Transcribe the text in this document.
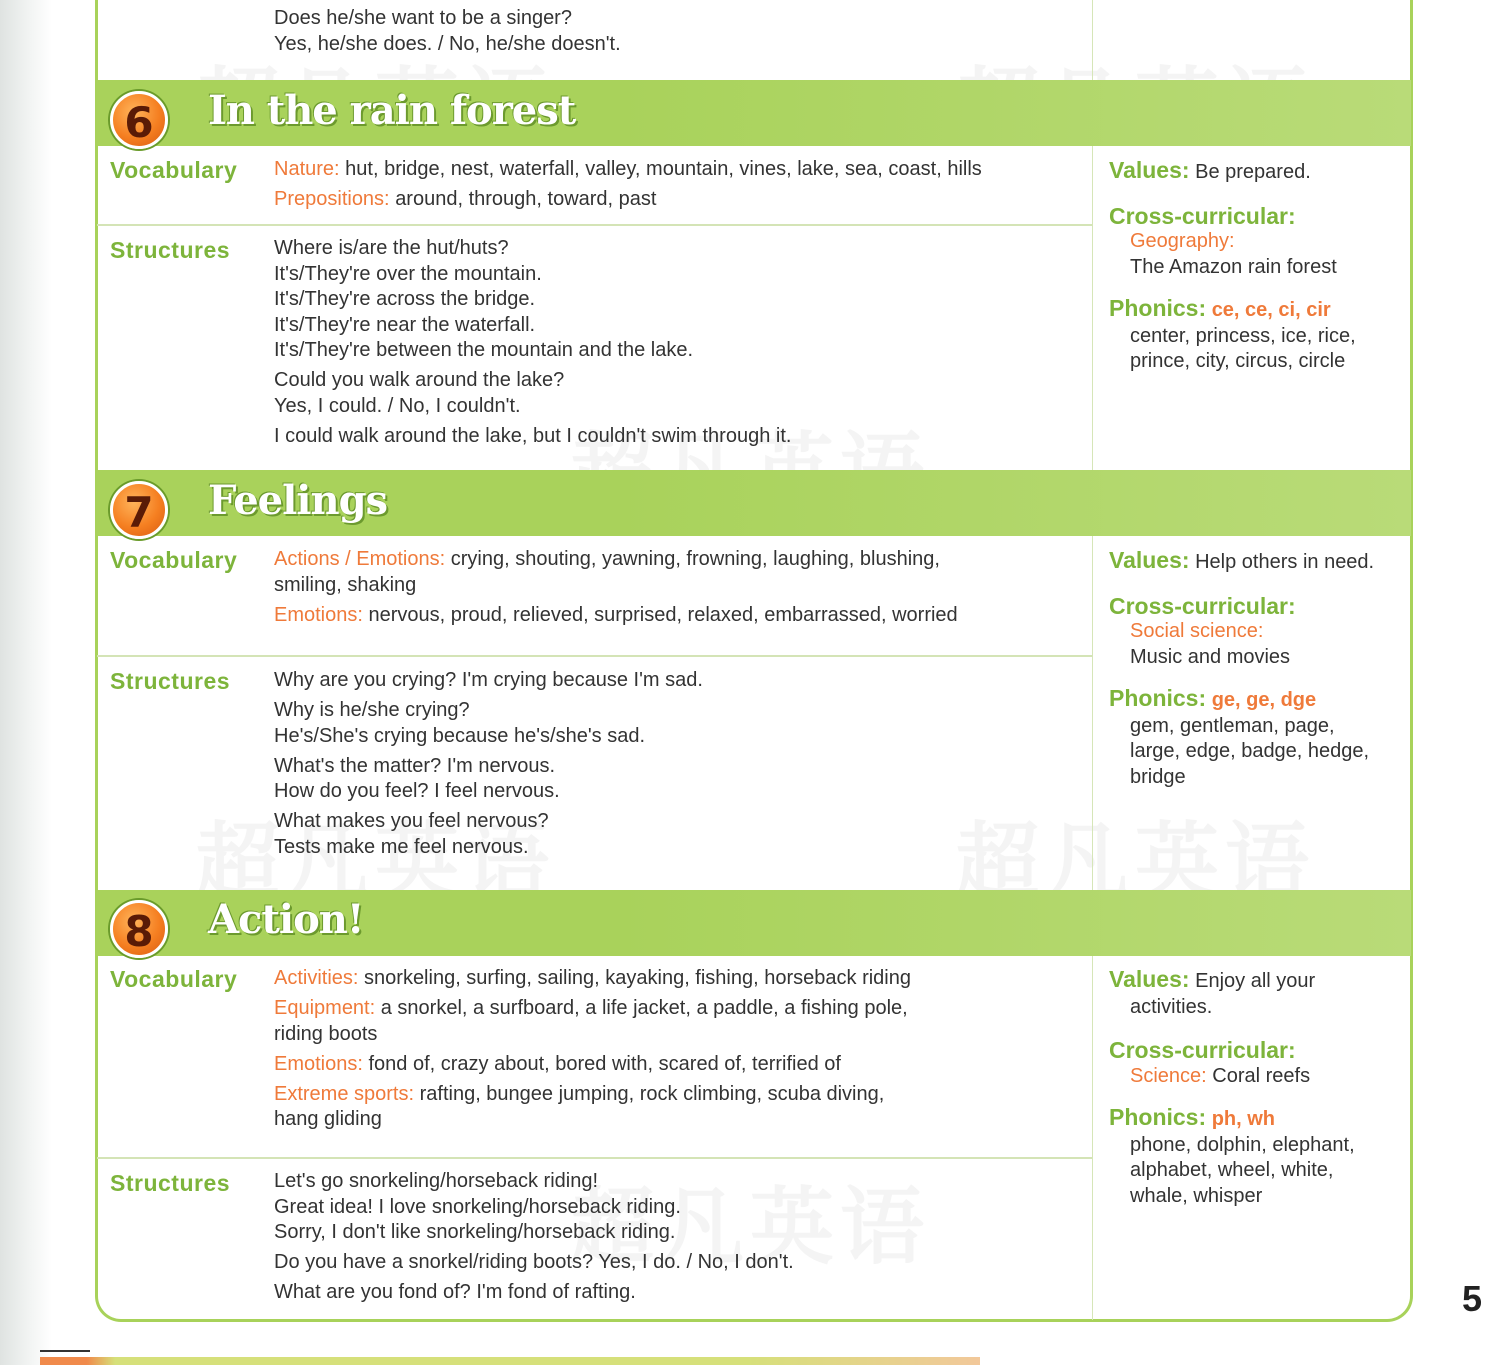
Does he/she want to be a singer?
Yes, he/she does. / No, he/she doesn't.
6	In the rain forest
Vocabulary Nature: hut, bridge, nest, waterfall, valley, mountain, vines, lake, sea, coast, hills
Prepositions: around, through, toward, past
Structures Where is/are the hut/huts?
It's/They're over the mountain.
It's/They're across the bridge.
It's/They're near the waterfall.
It's/They're between the mountain and the lake.
Could you walk around the lake?
Yes, I could. / No, I couldn't.
I could walk around the lake, but I couldn't swim through it.
Values: Be prepared.
Cross-curricular:
Geography:
The Amazon rain forest
Phonics: ce, ce, ci, cir
center, princess, ice, rice,
prince, city, circus, circle
7	Feelings
Vocabulary Actions / Emotions: crying, shouting, yawning, frowning, laughing, blushing,
smiling, shaking
Emotions: nervous, proud, relieved, surprised, relaxed, embarrassed, worried
Structures Why are you crying? I'm crying because I'm sad.
Why is he/she crying?
He's/She's crying because he's/she's sad.
What's the matter? I'm nervous.
How do you feel? I feel nervous.
What makes you feel nervous?
Tests make me feel nervous.
Values: Help others in need.
Cross-curricular:
Social science:
Music and movies
Phonics: ge, ge, dge
gem, gentleman, page,
large, edge, badge, hedge,
bridge
8	Action!
Vocabulary Activities: snorkeling, surfing, sailing, kayaking, fishing, horseback riding
Equipment: a snorkel, a surfboard, a life jacket, a paddle, a fishing pole,
riding boots
Emotions: fond of, crazy about, bored with, scared of, terrified of
Extreme sports: rafting, bungee jumping, rock climbing, scuba diving,
hang gliding
Structures Let's go snorkeling/horseback riding!
Great idea! I love snorkeling/horseback riding.
Sorry, I don't like snorkeling/horseback riding.
Do you have a snorkel/riding boots? Yes, I do. / No, I don't.
What are you fond of? I'm fond of rafting.
Values: Enjoy all your
activities.
Cross-curricular:
Science: Coral reefs
Phonics: ph, wh
phone, dolphin, elephant,
alphabet, wheel, white,
whale, whisper
5
